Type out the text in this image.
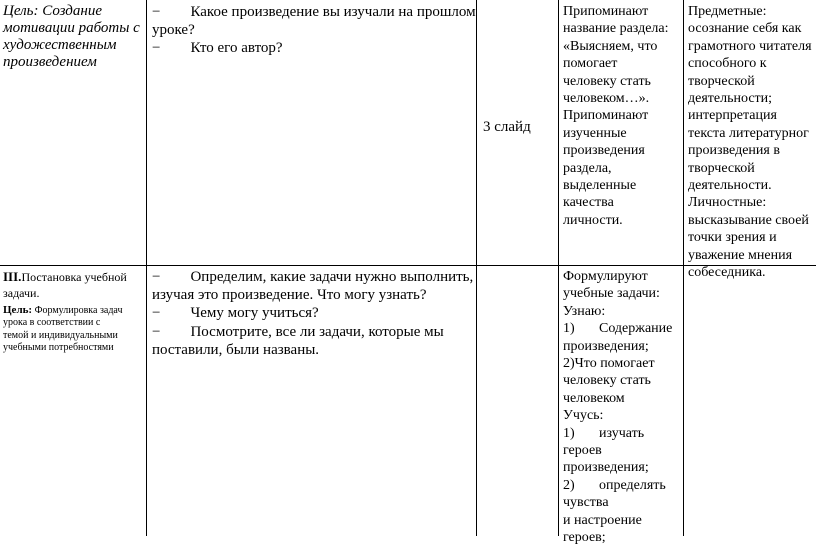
Цель: Создание
мотивации работы с
художественным
произведением
− Какое произведение вы изучали на прошлом
уроке?
− Кто его автор?
3 слайд
Припоминают
название раздела:
«Выясняем, что
помогает
человеку стать
человеком…».
Припоминают
изученные
произведения
раздела,
выделенные
качества
личности.
Предметные:
осознание себя как
грамотного читателя
способного к
творческой
деятельности;
интерпретация
текста литературног
произведения в
творческой
деятельности.
Личностные:
высказывание своей
точки зрения и
уважение мнения
собеседника.
III.Постановка учебной
задачи.
Цель: Формулировка задач
урока в соответствии с
темой и индивидуальными
учебными потребностями
− Определим, какие задачи нужно выполнить,
изучая это произведение. Что могу узнать?
− Чему могу учиться?
− Посмотрите, все ли задачи, которые мы
поставили, были названы.
Формулируют
учебные задачи:
Узнаю:
1) Содержание
произведения;
2)Что помогает
человеку стать
человеком
Учусь:
1) изучать
героев
произведения;
2) определять
чувства
и настроение
героев;
